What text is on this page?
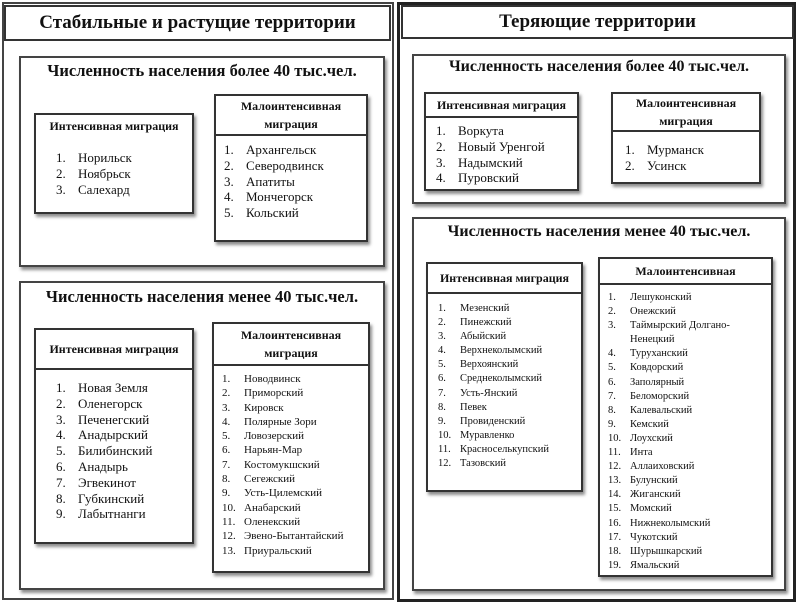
Стабильные и растущие территории
Численность населения более 40 тыс.чел.
Интенсивная миграция
1. Норильск
2. Ноябрьск
3. Салехард
Малоинтенсивная миграция
1. Архангельск
2. Северодвинск
3. Апатиты
4. Мончегорск
5. Кольский
Численность населения менее 40 тыс.чел.
Интенсивная миграция
1. Новая Земля
2. Оленегорск
3. Печенегский
4. Анадырский
5. Билибинский
6. Анадырь
7. Эгвекинот
8. Губкинский
9. Лабытнанги
Малоинтенсивная миграция
1.	Новодвинск
2.	Приморский
3.	Кировск
4.	Полярные Зори
5.	Ловозерский
6.	Нарьян-Мар
7.	Костомукшский
8.	Сегежский
9.	Усть-Цилемский
10. Анабарский
11. Оленекский
12. Эвено-Бытантайский
13. Приуральский
Теряющие территории
Численность населения более 40 тыс.чел.
Интенсивная миграция
1. Воркута
2. Новый Уренгой
3. Надымский
4. Пуровский
Малоинтенсивная миграция
1. Мурманск
2. Усинск
Численность населения менее 40 тыс.чел.
Интенсивная миграция
1.	Мезенский
2.	Пинежский
3.	Абыйский
4.	Верхнеколымский
5.	Верхоянский
6.	Среднеколымский
7.	Усть-Янский
8.	Певек
9.	Провиденский
10. Муравленко
11. Красноселькупский
12. Тазовский
Малоинтенсивная
1.	Лешуконский
2.	Онежский
3.	Таймырский Долгано-
Ненецкий
4.	Туруханский
5.	Ковдорский
6.	Заполярный
7.	Беломорский
8.	Калевальский
9.	Кемский
10. Лоухский
11. Инта
12. Аллаиховский
13. Булунский
14. Жиганский
15. Момский
16. Нижнеколымский
17. Чукотский
18. Шурышкарский
19. Ямальский
